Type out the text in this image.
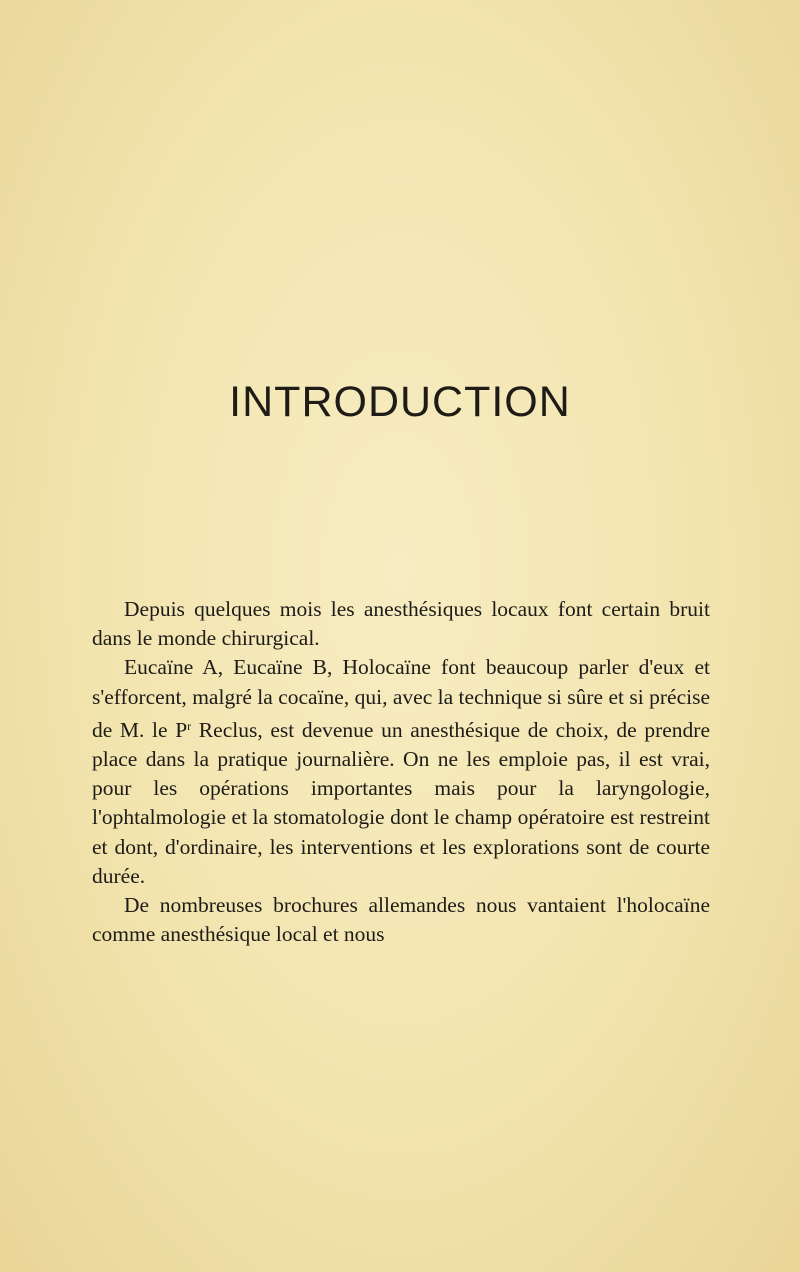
INTRODUCTION

Depuis quelques mois les anesthésiques locaux font certain bruit dans le monde chirurgical.

Eucaïne A, Eucaïne B, Holocaïne font beaucoup parler d'eux et s'efforcent, malgré la cocaïne, qui, avec la technique si sûre et si précise de M. le $P^r$ Reclus, est devenue un anesthésique de choix, de prendre place dans la pratique journalière. On ne les emploie pas, il est vrai, pour les opérations importantes mais pour la laryngologie, l'ophtalmologie et la stomatologie dont le champ opératoire est restreint et dont, d'ordinaire, les interventions et les explorations sont de courte durée.

De nombreuses brochures allemandes nous vantaient l'holocaïne comme anesthésique local et nous
